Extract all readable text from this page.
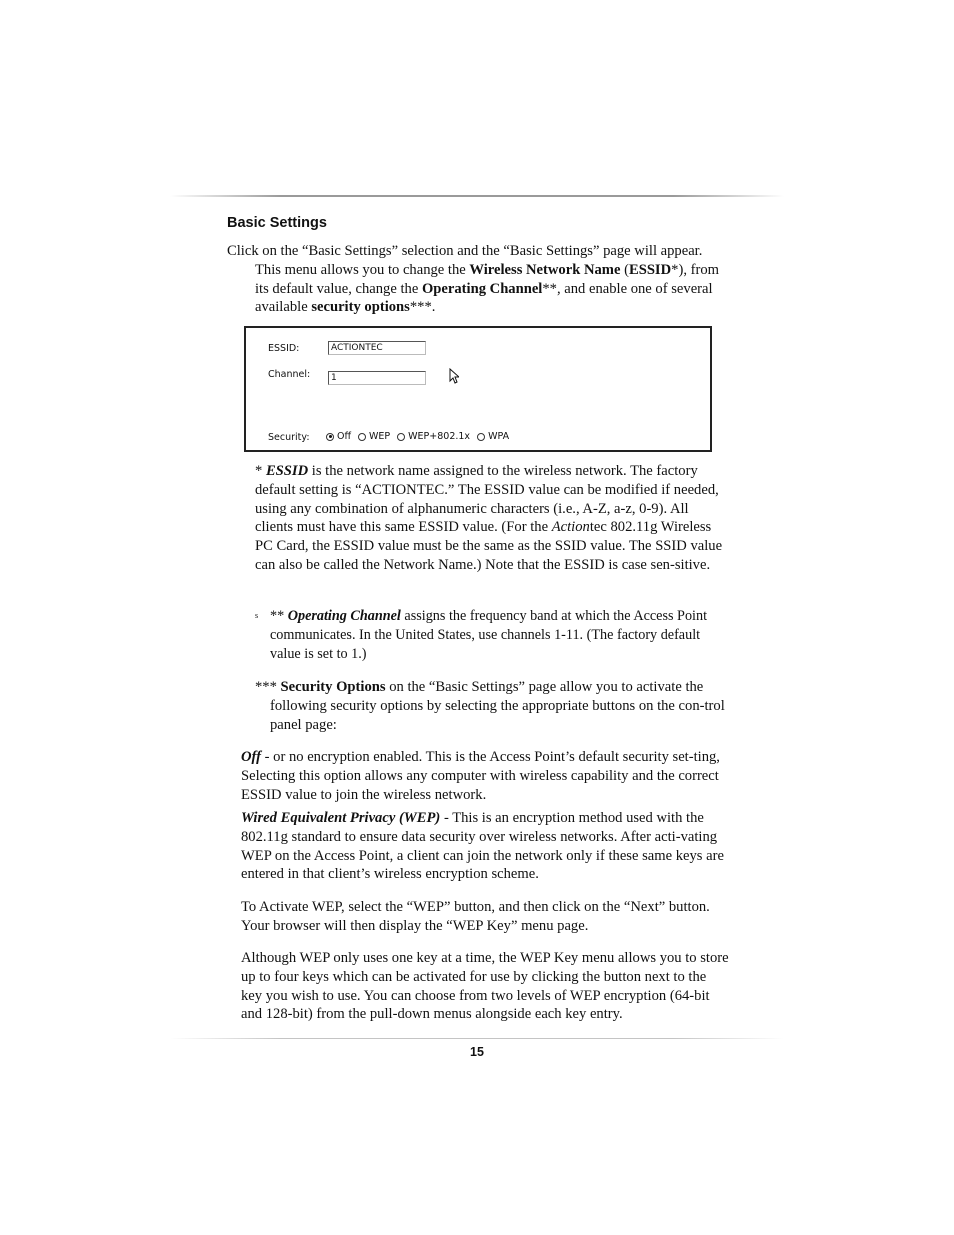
Basic Settings
Click on the “Basic Settings” selection and the “Basic Settings” page will appear.
This menu allows you to change the Wireless Network Name (ESSID*), from its default value, change the Operating Channel**, and enable one of several available security options***.
ESSID:	ACTIONTEC
Channel:	1
Security:	Off WEP WEP+802.1x WPA
* ESSID is the network name assigned to the wireless network. The factory default setting is “ACTIONTEC.” The ESSID value can be modified if needed, using any combination of alphanumeric characters (i.e., A-Z, a-z, 0-9). All clients must have this same ESSID value. (For the Actiontec 802.11g Wireless PC Card, the ESSID value must be the same as the SSID value. The SSID value can also be called the Network Name.) Note that the ESSID is case sen-sitive.
s ** Operating Channel assigns the frequency band at which the Access Point communicates. In the United States, use channels 1-11. (The factory default value is set to 1.)
*** Security Options on the “Basic Settings” page allow you to activate the
following security options by selecting the appropriate buttons on the con-trol panel page:
Off - or no encryption enabled. This is the Access Point’s default security set-ting, Selecting this option allows any computer with wireless capability and the correct ESSID value to join the wireless network.
Wired Equivalent Privacy (WEP) - This is an encryption method used with the 802.11g standard to ensure data security over wireless networks. After acti-vating WEP on the Access Point, a client can join the network only if these same keys are entered in that client’s wireless encryption scheme.
To Activate WEP, select the “WEP” button, and then click on the “Next” button. Your browser will then display the “WEP Key” menu page.
Although WEP only uses one key at a time, the WEP Key menu allows you to store up to four keys which can be activated for use by clicking the button next to the key you wish to use. You can choose from two levels of WEP encryption (64-bit and 128-bit) from the pull-down menus alongside each key entry.
15
